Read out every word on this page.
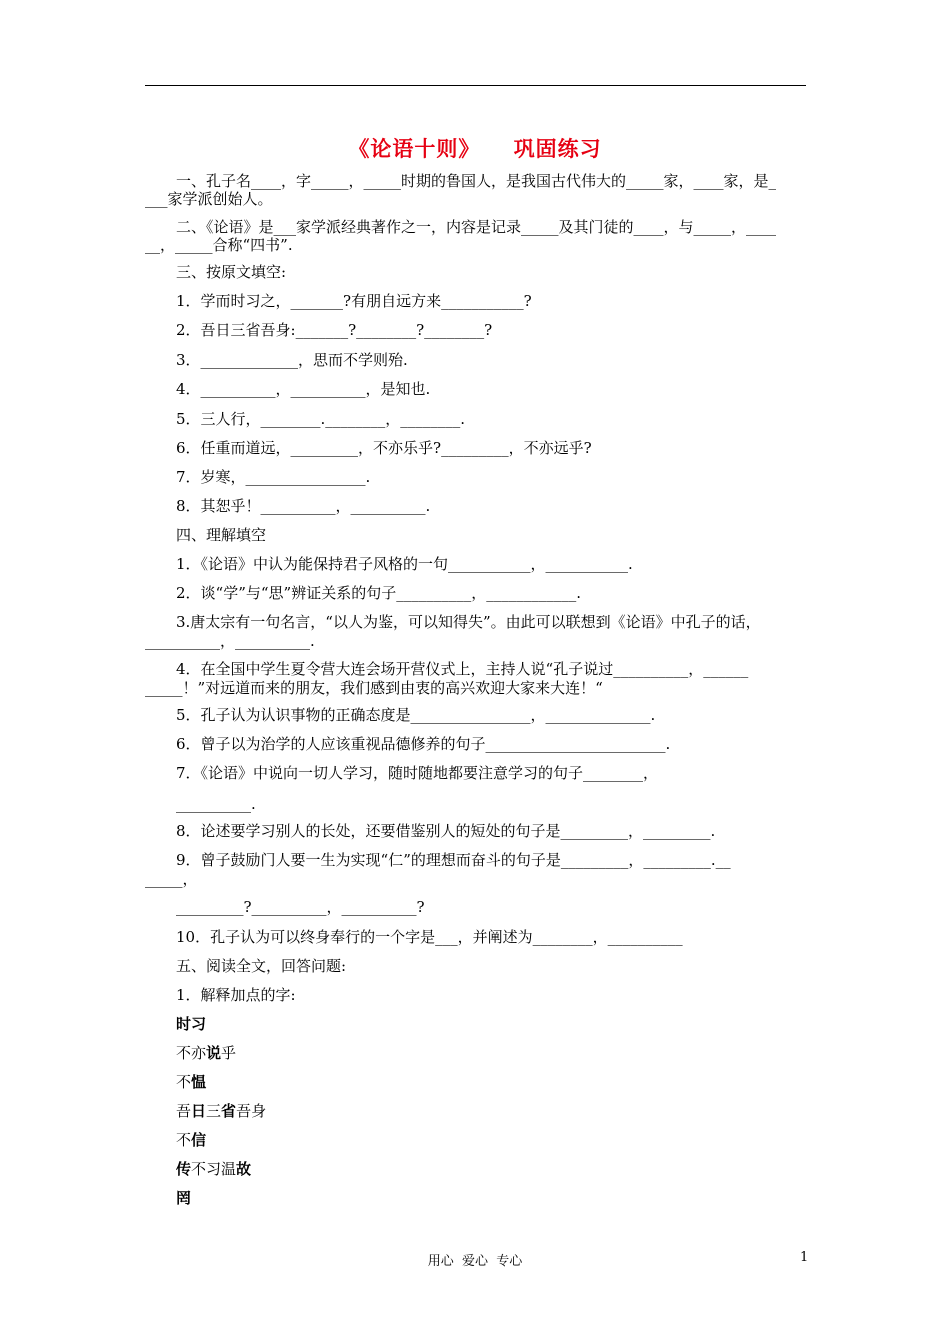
《论语十则》    巩固练习
一、孔子名____，字_____，_____时期的鲁国人，是我国古代伟大的_____家，____家，是_
___家学派创始人。
二、《论语》是___家学派经典著作之一，内容是记录_____及其门徒的____，与_____，____
__，_____合称“四书”.
三、按原文填空:
1．学而时习之，_______?有朋自远方来___________?
2．吾日三省吾身:_______?________?________?
3．_____________，思而不学则殆.
4．__________，__________，是知也.
5．三人行，________.________，________.
6．任重而道远，_________，不亦乐乎?_________，不亦远乎?
7．岁寒，________________.
8．其恕乎！__________，__________.
四、理解填空
1．《论语》中认为能保持君子风格的一句___________，___________.
2．谈“学”与“思”辨证关系的句子__________，____________.
3.唐太宗有一句名言，“以人为鉴，可以知得失”。由此可以联想到《论语》中孔子的话，
__________，__________.
4．在全国中学生夏令营大连会场开营仪式上，主持人说“孔子说过__________，______
_____！”对远道而来的朋友，我们感到由衷的高兴欢迎大家来大连！“
5．孔子认为认识事物的正确态度是________________，______________.
6．曾子以为治学的人应该重视品德修养的句子________________________.
7．《论语》中说向一切人学习，随时随地都要注意学习的句子________，
__________.
8．论述要学习别人的长处，还要借鉴别人的短处的句子是_________，_________.
9．曾子鼓励门人要一生为实现“仁”的理想而奋斗的句子是_________，_________.__
_____，
_________?__________，__________?
10．孔子认为可以终身奉行的一个字是___，并阐述为________，__________
五、阅读全文，回答问题:
1．解释加点的字:
时习
不亦说乎
不愠
吾日三省吾身
不信
传不习温故
罔
用心  爱心  专心	1
